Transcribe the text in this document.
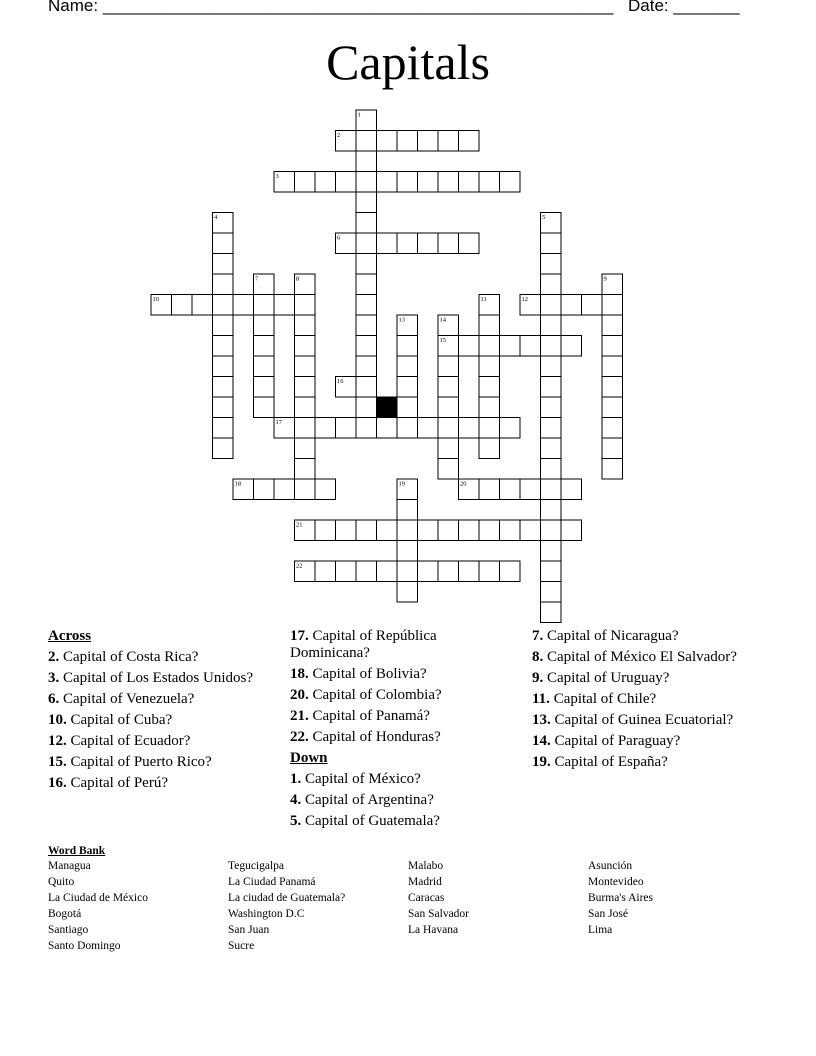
Name: ______________________________________________________ Date: _______
Capitals
1
2
3
4	5
6
7	8	9
10	11	12
13	14
15
16
17
18	19	20
21
22
Across
2. Capital of Costa Rica?
3. Capital of Los Estados Unidos?
6. Capital of Venezuela?
10. Capital of Cuba?
12. Capital of Ecuador?
15. Capital of Puerto Rico?
16. Capital of Perú?
17. Capital of República Dominicana?
18. Capital of Bolivia?
20. Capital of Colombia?
21. Capital of Panamá?
22. Capital of Honduras?
Down
1. Capital of México?
4. Capital of Argentina?
5. Capital of Guatemala?
7. Capital of Nicaragua?
8. Capital of México El Salvador?
9. Capital of Uruguay?
11. Capital of Chile?
13. Capital of Guinea Ecuatorial?
14. Capital of Paraguay?
19. Capital of España?
Word Bank
Managua
Quito
La Ciudad de México
Bogotá
Santiago
Santo Domingo
Tegucigalpa
La Ciudad Panamá
La ciudad de Guatemala?
Washington D.C
San Juan
Sucre
Malabo
Madrid
Caracas
San Salvador
La Havana
Asunción
Montevideo
Burma's Aires
San José
Lima
